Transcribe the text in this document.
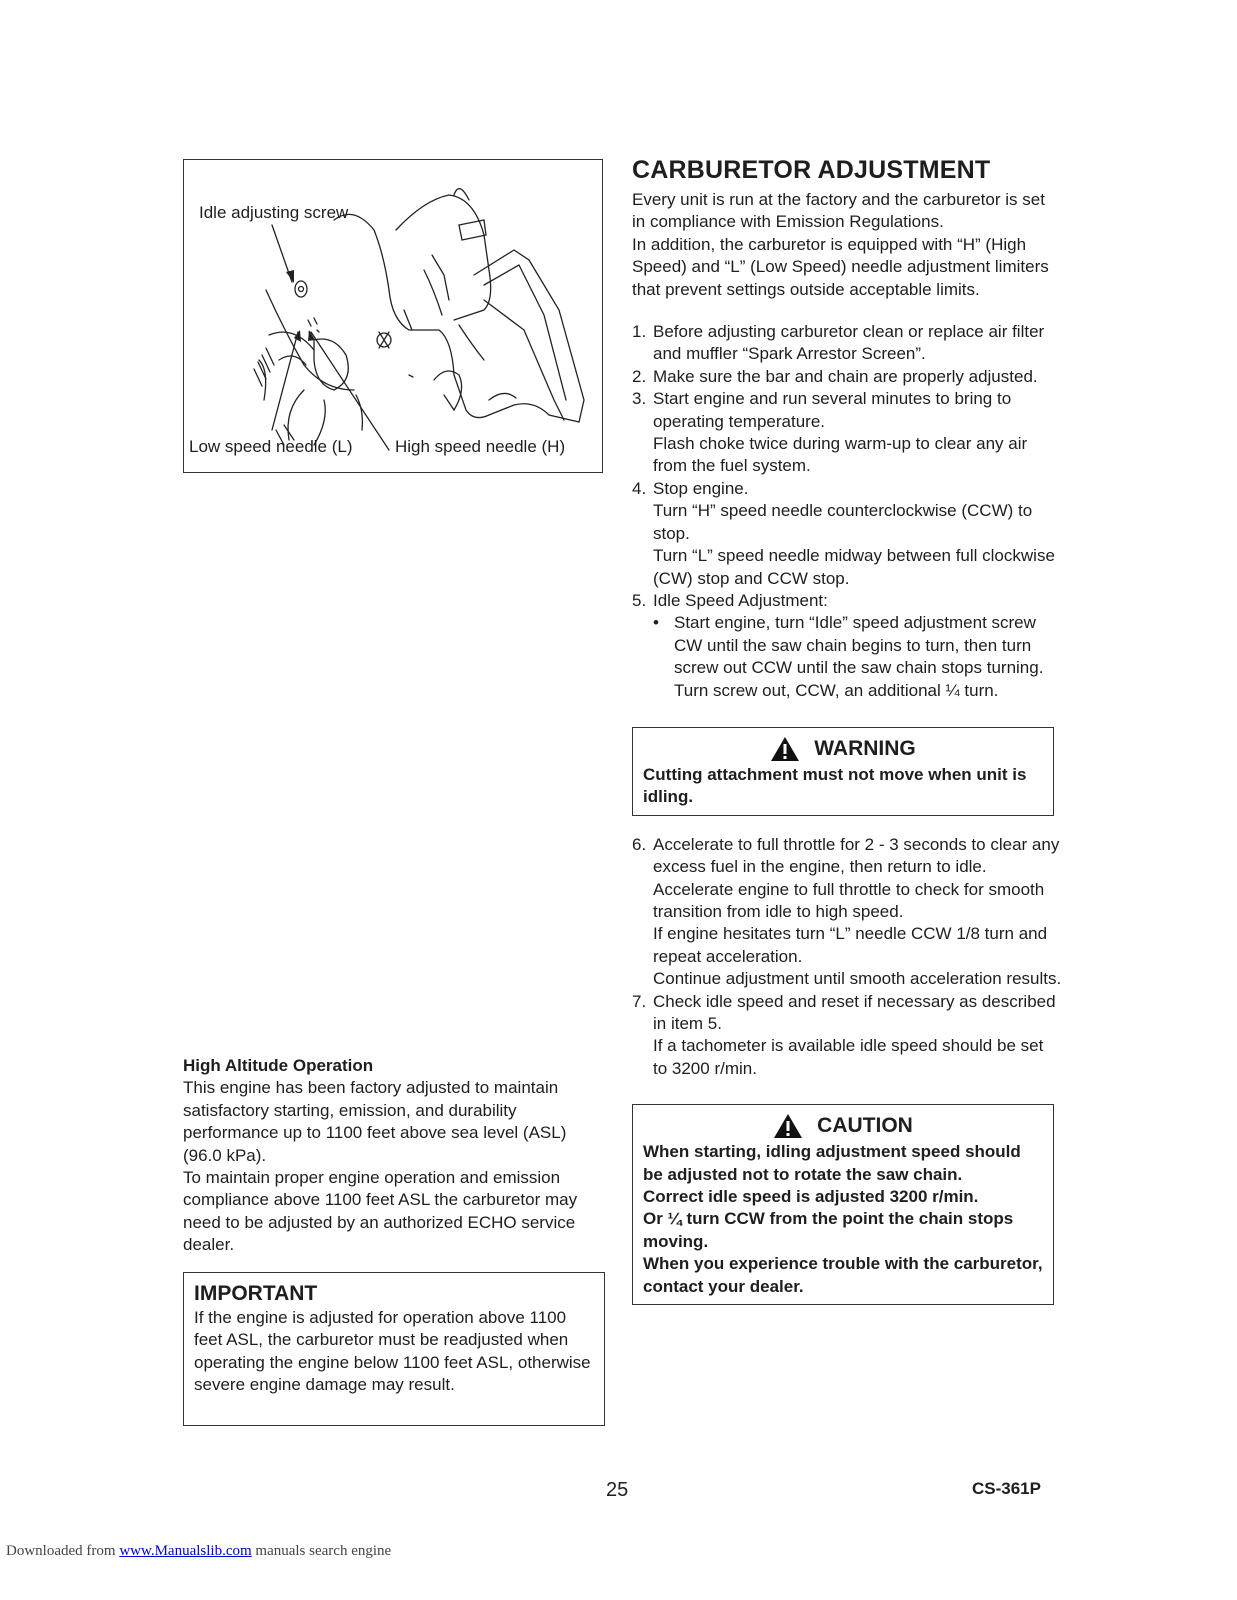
Idle adjusting screw
Low speed needle (L) High speed needle (H)
CARBURETOR ADJUSTMENT

Every unit is run at the factory and the carburetor is set in compliance with Emission Regulations.

In addition, the carburetor is equipped with “H” (High Speed) and “L” (Low Speed) needle adjustment limiters that prevent settings outside acceptable limits.

1. Before adjusting carburetor clean or replace air filter and muffler “Spark Arrestor Screen”.
2. Make sure the bar and chain are properly adjusted.
3. Start engine and run several minutes to bring to operating temperature.
Flash choke twice during warm-up to clear any air from the fuel system.
4. Stop engine.
Turn “H” speed needle counterclockwise (CCW) to stop.
Turn “L” speed needle midway between full clockwise (CW) stop and CCW stop.
5. Idle Speed Adjustment:
• Start engine, turn “Idle” speed adjustment screw CW until the saw chain begins to turn, then turn screw out CCW until the saw chain stops turning.
Turn screw out, CCW, an additional ¼ turn.
WARNING
Cutting attachment must not move when unit is idling.
6. Accelerate to full throttle for 2 - 3 seconds to clear any excess fuel in the engine, then return to idle.
Accelerate engine to full throttle to check for smooth transition from idle to high speed.
If engine hesitates turn “L” needle CCW 1/8 turn and repeat acceleration.
Continue adjustment until smooth acceleration results.
7. Check idle speed and reset if necessary as described in item 5.
If a tachometer is available idle speed should be set to 3200 r/min.
CAUTION
When starting, idling adjustment speed should be adjusted not to rotate the saw chain.
Correct idle speed is adjusted 3200 r/min.
Or ¼ turn CCW from the point the chain stops moving.
When you experience trouble with the carburetor, contact your dealer.
High Altitude Operation

This engine has been factory adjusted to maintain satisfactory starting, emission, and durability performance up to 1100 feet above sea level (ASL) (96.0 kPa).

To maintain proper engine operation and emission compliance above 1100 feet ASL the carburetor may need to be adjusted by an authorized ECHO service dealer.

IMPORTANT
If the engine is adjusted for operation above 1100 feet ASL, the carburetor must be readjusted when operating the engine below 1100 feet ASL, otherwise severe engine damage may result.
25	CS-361P
Downloaded from www.Manualslib.com manuals search engine
